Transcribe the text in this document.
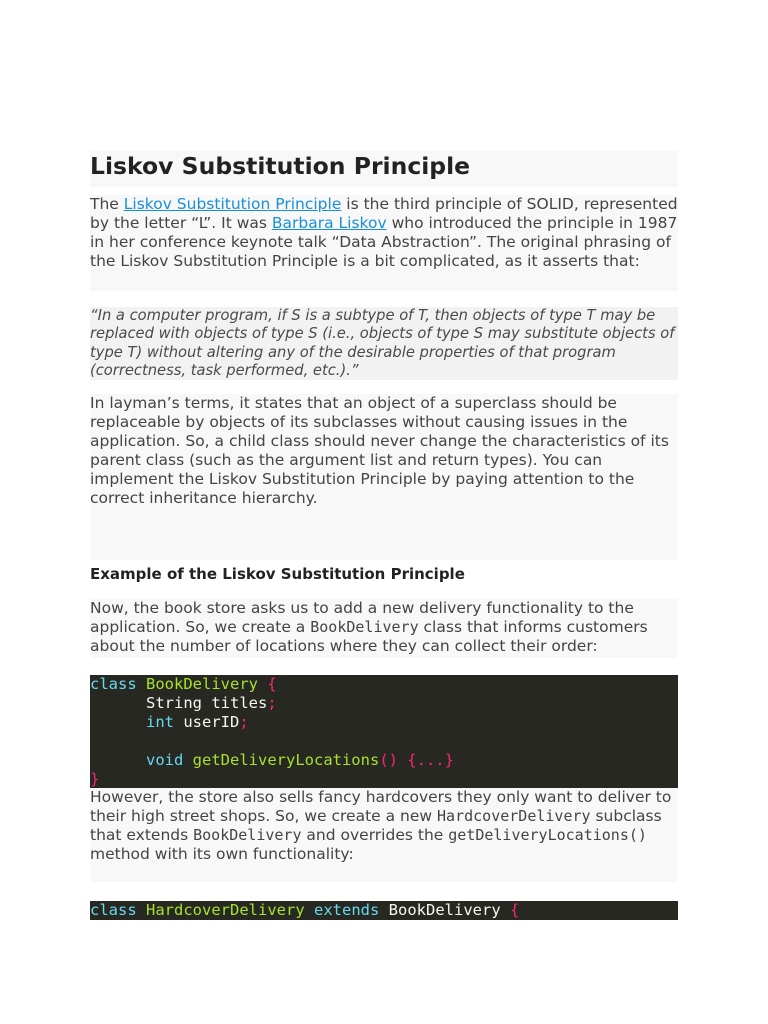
Liskov Substitution Principle
The Liskov Substitution Principle is the third principle of SOLID, represented by the letter “L”. It was Barbara Liskov who introduced the principle in 1987 in her conference keynote talk “Data Abstraction”. The original phrasing of the Liskov Substitution Principle is a bit complicated, as it asserts that:
“In a computer program, if S is a subtype of T, then objects of type T may be replaced with objects of type S (i.e., objects of type S may substitute objects of type T) without altering any of the desirable properties of that program (correctness, task performed, etc.).”
In layman’s terms, it states that an object of a superclass should be replaceable by objects of its subclasses without causing issues in the application. So, a child class should never change the characteristics of its parent class (such as the argument list and return types). You can implement the Liskov Substitution Principle by paying attention to the correct inheritance hierarchy.
Example of the Liskov Substitution Principle
Now, the book store asks us to add a new delivery functionality to the application. So, we create a BookDelivery class that informs customers about the number of locations where they can collect their order:
class BookDelivery {
String titles;
int userID;

void getDeliveryLocations() {...}
}
However, the store also sells fancy hardcovers they only want to deliver to their high street shops. So, we create a new HardcoverDelivery subclass that extends BookDelivery and overrides the getDeliveryLocations() method with its own functionality:
class HardcoverDelivery extends BookDelivery {
